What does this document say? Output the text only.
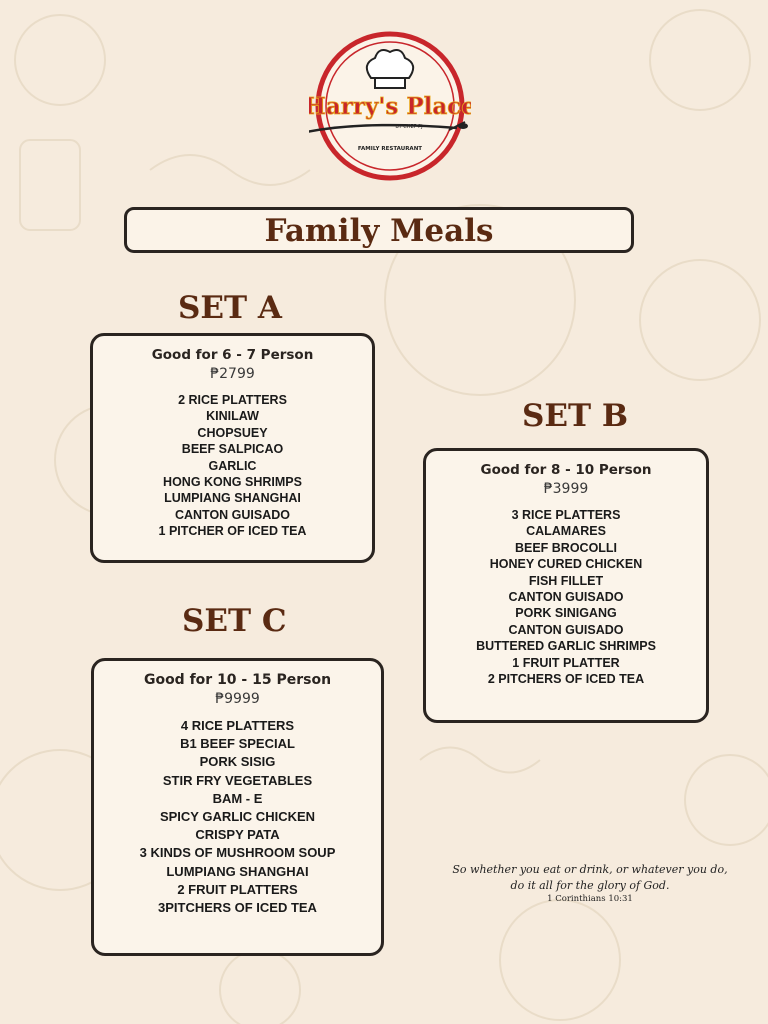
Harry's Place
BY CHEF PJ
FAMILY RESTAURANT
Family Meals
SET A
Good for 6 - 7 Person
₱2799
2 RICE PLATTERS
KINILAW
CHOPSUEY
BEEF SALPICAO
GARLIC
HONG KONG SHRIMPS
LUMPIANG SHANGHAI
CANTON GUISADO
1 PITCHER OF ICED TEA
SET B
Good for 8 - 10 Person
₱3999
3 RICE PLATTERS
CALAMARES
BEEF BROCOLLI
HONEY CURED CHICKEN
FISH FILLET
CANTON GUISADO
PORK SINIGANG
CANTON GUISADO
BUTTERED GARLIC SHRIMPS
1 FRUIT PLATTER
2 PITCHERS OF ICED TEA
SET C
Good for 10 - 15 Person
₱9999
4 RICE PLATTERS
B1 BEEF SPECIAL
PORK SISIG
STIR FRY VEGETABLES
BAM - E
SPICY GARLIC CHICKEN
CRISPY PATA
3 KINDS OF MUSHROOM SOUP
LUMPIANG SHANGHAI
2 FRUIT PLATTERS
3PITCHERS OF ICED TEA
So whether you eat or drink, or whatever you do,
do it all for the glory of God.
1 Corinthians 10:31
